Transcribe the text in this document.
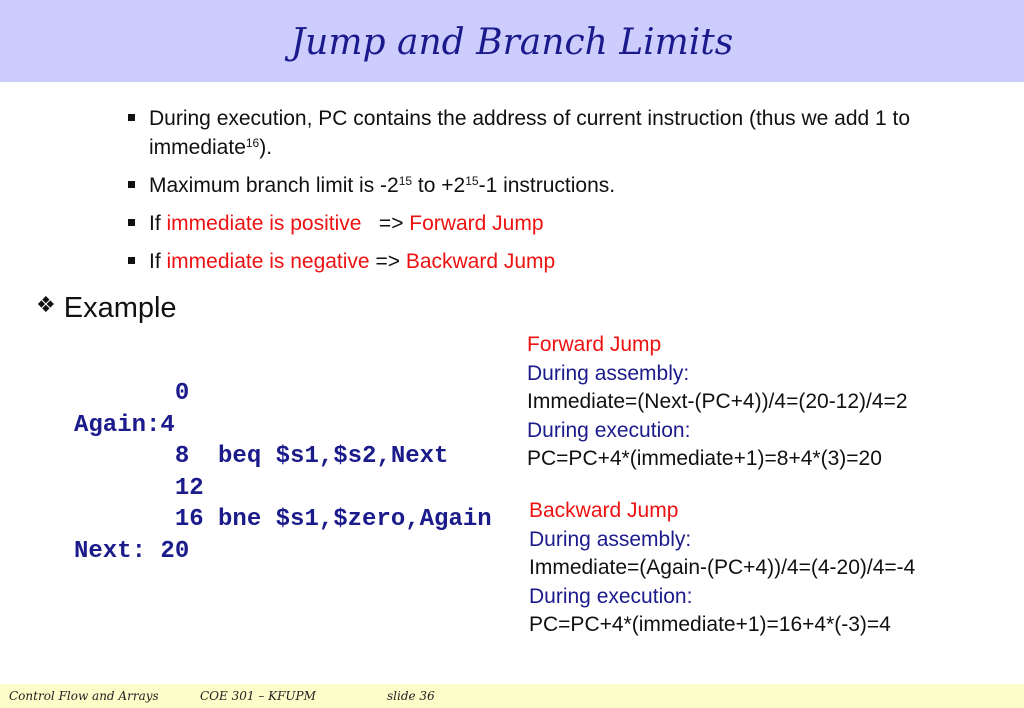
Jump and Branch Limits
During execution, PC contains the address of current instruction (thus we add 1 to immediate$^{16}$).
Maximum branch limit is $-2^{15}$ to $+2^{15}-1$ instructions.
If immediate is positive   => Forward Jump
If immediate is negative => Backward Jump
❖ Example
0
Again:4
8  beq $s1,$s2,Next
12
16 bne $s1,$zero,Again
Next: 20
Forward Jump
During assembly:
Immediate=(Next-(PC+4))/4=(20-12)/4=2
During execution:
PC=PC+4*(immediate+1)=8+4*(3)=20
Backward Jump
During assembly:
Immediate=(Again-(PC+4))/4=(4-20)/4=-4
During execution:
PC=PC+4*(immediate+1)=16+4*(-3)=4
Control Flow and Arrays	COE 301 – KFUPM	slide 36
